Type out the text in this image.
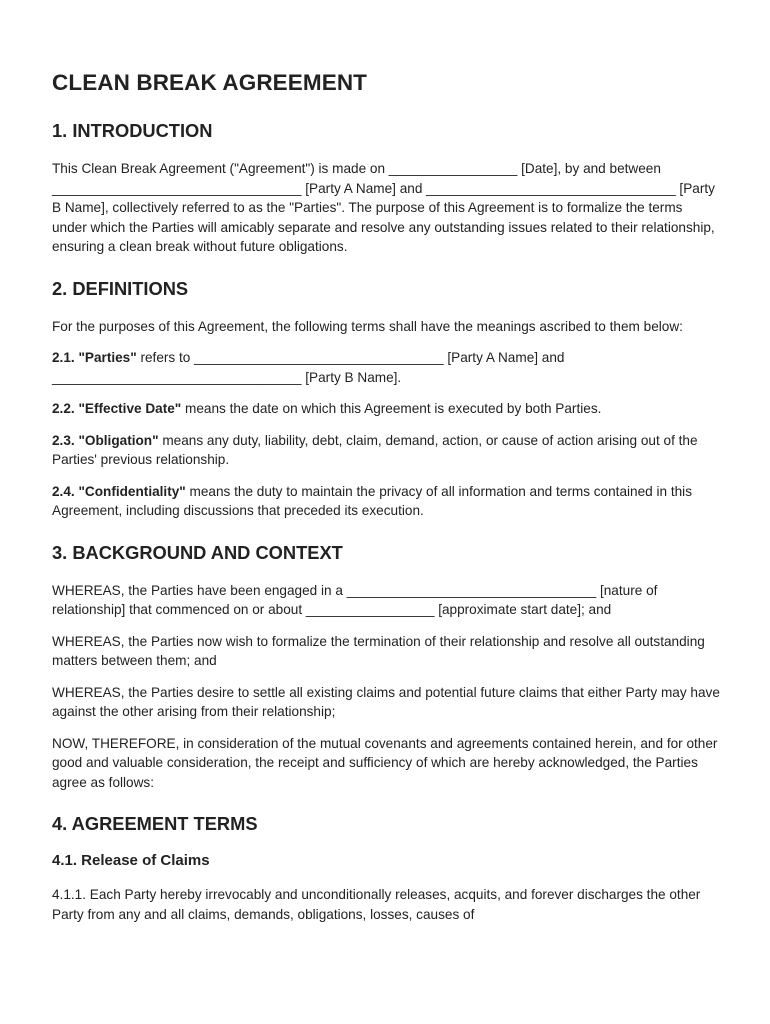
CLEAN BREAK AGREEMENT
1. INTRODUCTION

This Clean Break Agreement ("Agreement") is made on _________________ [Date], by and between _________________________________ [Party A Name] and _________________________________ [Party B Name], collectively referred to as the "Parties". The purpose of this Agreement is to formalize the terms under which the Parties will amicably separate and resolve any outstanding issues related to their relationship, ensuring a clean break without future obligations.

2. DEFINITIONS

For the purposes of this Agreement, the following terms shall have the meanings ascribed to them below:

2.1. "Parties" refers to _________________________________ [Party A Name] and _________________________________ [Party B Name].

2.2. "Effective Date" means the date on which this Agreement is executed by both Parties.

2.3. "Obligation" means any duty, liability, debt, claim, demand, action, or cause of action arising out of the Parties' previous relationship.

2.4. "Confidentiality" means the duty to maintain the privacy of all information and terms contained in this Agreement, including discussions that preceded its execution.

3. BACKGROUND AND CONTEXT

WHEREAS, the Parties have been engaged in a _________________________________ [nature of relationship] that commenced on or about _________________ [approximate start date]; and

WHEREAS, the Parties now wish to formalize the termination of their relationship and resolve all outstanding matters between them; and

WHEREAS, the Parties desire to settle all existing claims and potential future claims that either Party may have against the other arising from their relationship;

NOW, THEREFORE, in consideration of the mutual covenants and agreements contained herein, and for other good and valuable consideration, the receipt and sufficiency of which are hereby acknowledged, the Parties agree as follows:

4. AGREEMENT TERMS
4.1. Release of Claims

4.1.1. Each Party hereby irrevocably and unconditionally releases, acquits, and forever discharges the other Party from any and all claims, demands, obligations, losses, causes of
